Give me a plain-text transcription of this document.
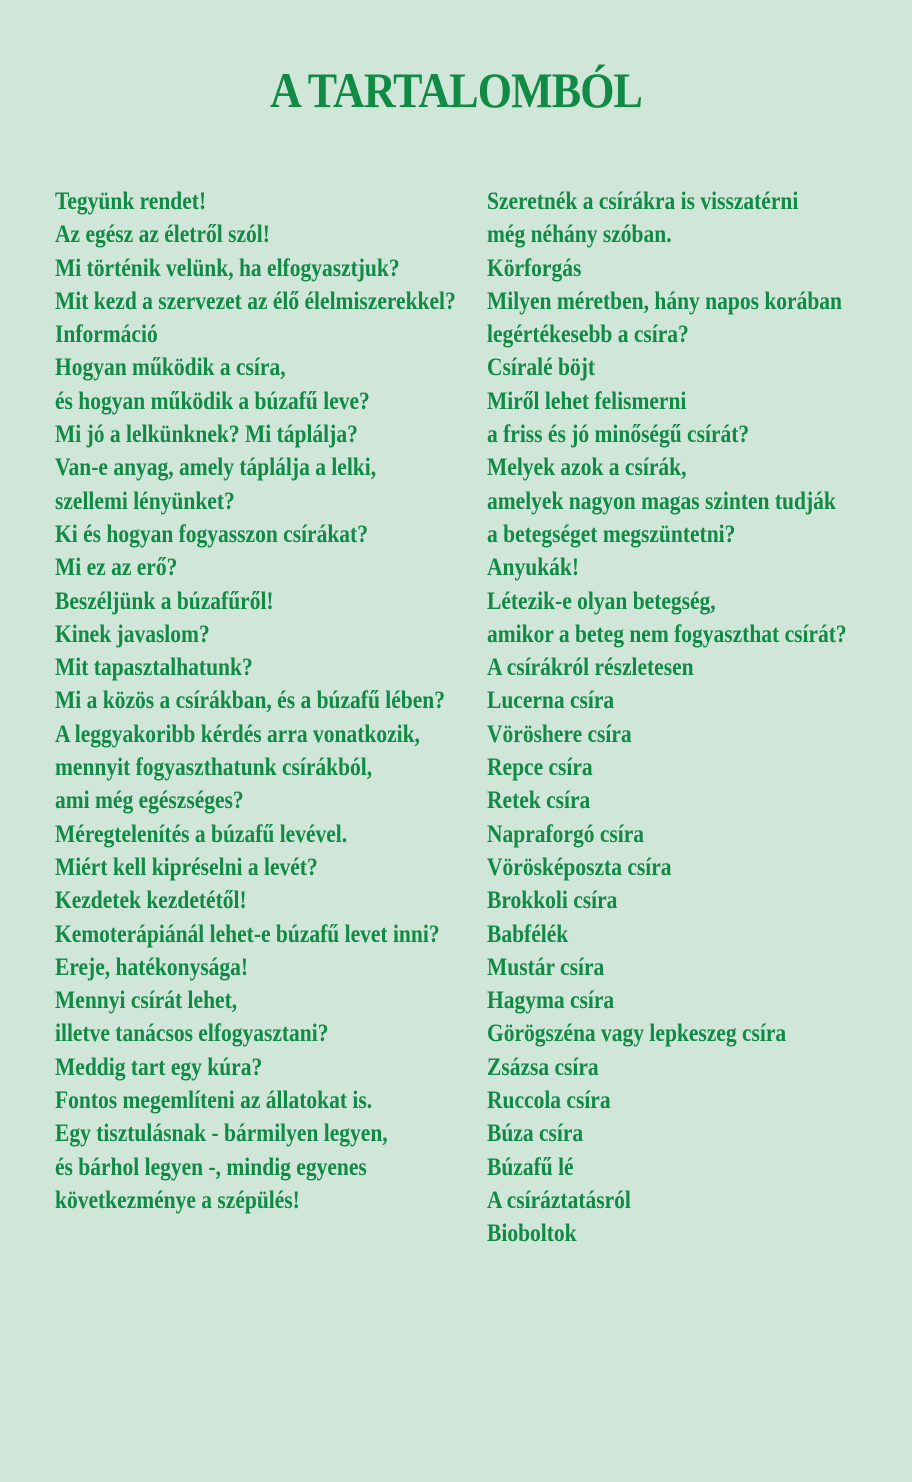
A TARTALOMBÓL
Tegyünk rendet!
Az egész az életről szól!
Mi történik velünk, ha elfogyasztjuk?
Mit kezd a szervezet az élő élelmiszerekkel?
Információ
Hogyan működik a csíra,
és hogyan működik a búzafű leve?
Mi jó a lelkünknek? Mi táplálja?
Van-e anyag, amely táplálja a lelki,
szellemi lényünket?
Ki és hogyan fogyasszon csírákat?
Mi ez az erő?
Beszéljünk a búzafűről!
Kinek javaslom?
Mit tapasztalhatunk?
Mi a közös a csírákban, és a búzafű lében?
A leggyakoribb kérdés arra vonatkozik,
mennyit fogyaszthatunk csírákból,
ami még egészséges?
Méregtelenítés a búzafű levével.
Miért kell kipréselni a levét?
Kezdetek kezdetétől!
Kemoterápiánál lehet-e búzafű levet inni?
Ereje, hatékonysága!
Mennyi csírát lehet,
illetve tanácsos elfogyasztani?
Meddig tart egy kúra?
Fontos megemlíteni az állatokat is.
Egy tisztulásnak - bármilyen legyen,
és bárhol legyen -, mindig egyenes
következménye a szépülés!
Szeretnék a csírákra is visszatérni
még néhány szóban.
Körforgás
Milyen méretben, hány napos korában
legértékesebb a csíra?
Csíralé böjt
Miről lehet felismerni
a friss és jó minőségű csírát?
Melyek azok a csírák,
amelyek nagyon magas szinten tudják
a betegséget megszüntetni?
Anyukák!
Létezik-e olyan betegség,
amikor a beteg nem fogyaszthat csírát?
A csírákról részletesen
Lucerna csíra
Vöröshere csíra
Repce csíra
Retek csíra
Napraforgó csíra
Vörösképoszta csíra
Brokkoli csíra
Babfélék
Mustár csíra
Hagyma csíra
Görögszéna vagy lepkeszeg csíra
Zsázsa csíra
Ruccola csíra
Búza csíra
Búzafű lé
A csíráztatásról
Bioboltok
